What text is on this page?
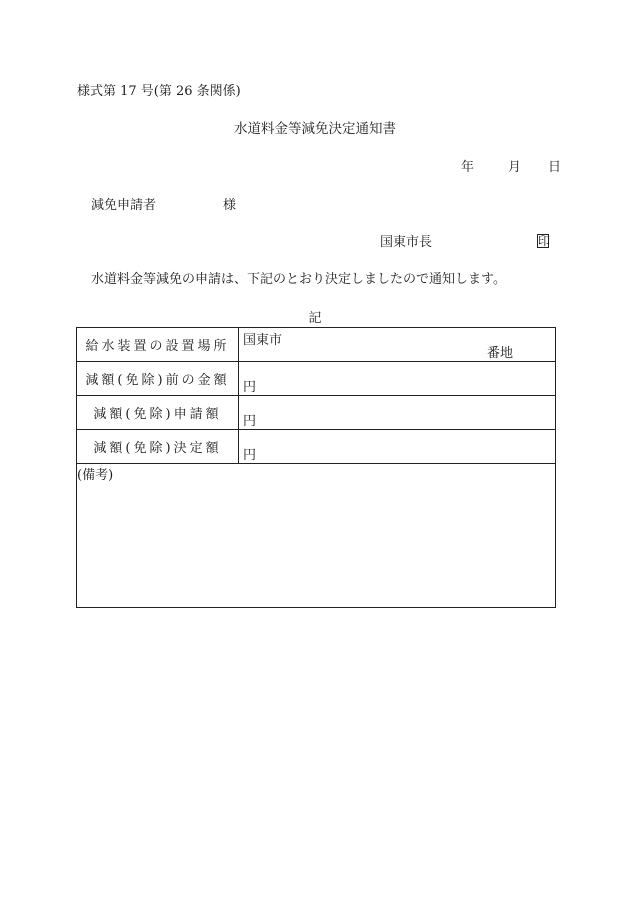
様式第 17 号(第 26 条関係)
水道料金等減免決定通知書
年	月 日
減免申請者	様
国東市長	印
水道料金等減免の申請は、下記のとおり決定しましたので通知します。
記
給水装置の設置場所	国東市
番地

減額(免除)前の金額	円

減額(免除)申請額	円

減額(免除)決定額	円

(備考)	
